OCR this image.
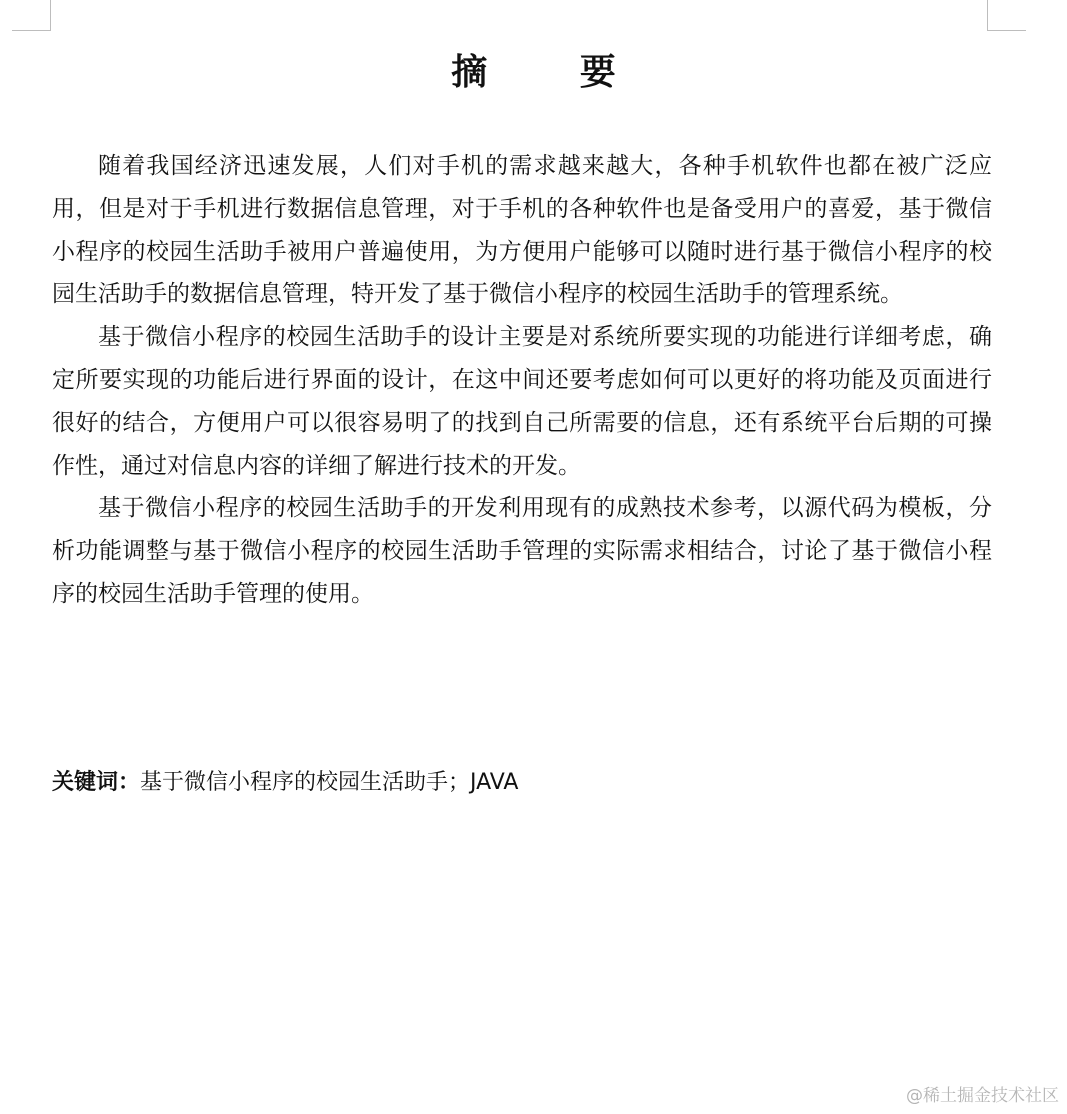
摘 要

随着我国经济迅速发展，人们对手机的需求越来越大，各种手机软件也都在被广泛应用，但是对于手机进行数据信息管理，对于手机的各种软件也是备受用户的喜爱，基于微信小程序的校园生活助手被用户普遍使用，为方便用户能够可以随时进行基于微信小程序的校园生活助手的数据信息管理，特开发了基于微信小程序的校园生活助手的管理系统。

基于微信小程序的校园生活助手的设计主要是对系统所要实现的功能进行详细考虑，确定所要实现的功能后进行界面的设计，在这中间还要考虑如何可以更好的将功能及页面进行很好的结合，方便用户可以很容易明了的找到自己所需要的信息，还有系统平台后期的可操作性，通过对信息内容的详细了解进行技术的开发。

基于微信小程序的校园生活助手的开发利用现有的成熟技术参考，以源代码为模板，分析功能调整与基于微信小程序的校园生活助手管理的实际需求相结合，讨论了基于微信小程序的校园生活助手管理的使用。

关键词：基于微信小程序的校园生活助手；JAVA
@稀土掘金技术社区
